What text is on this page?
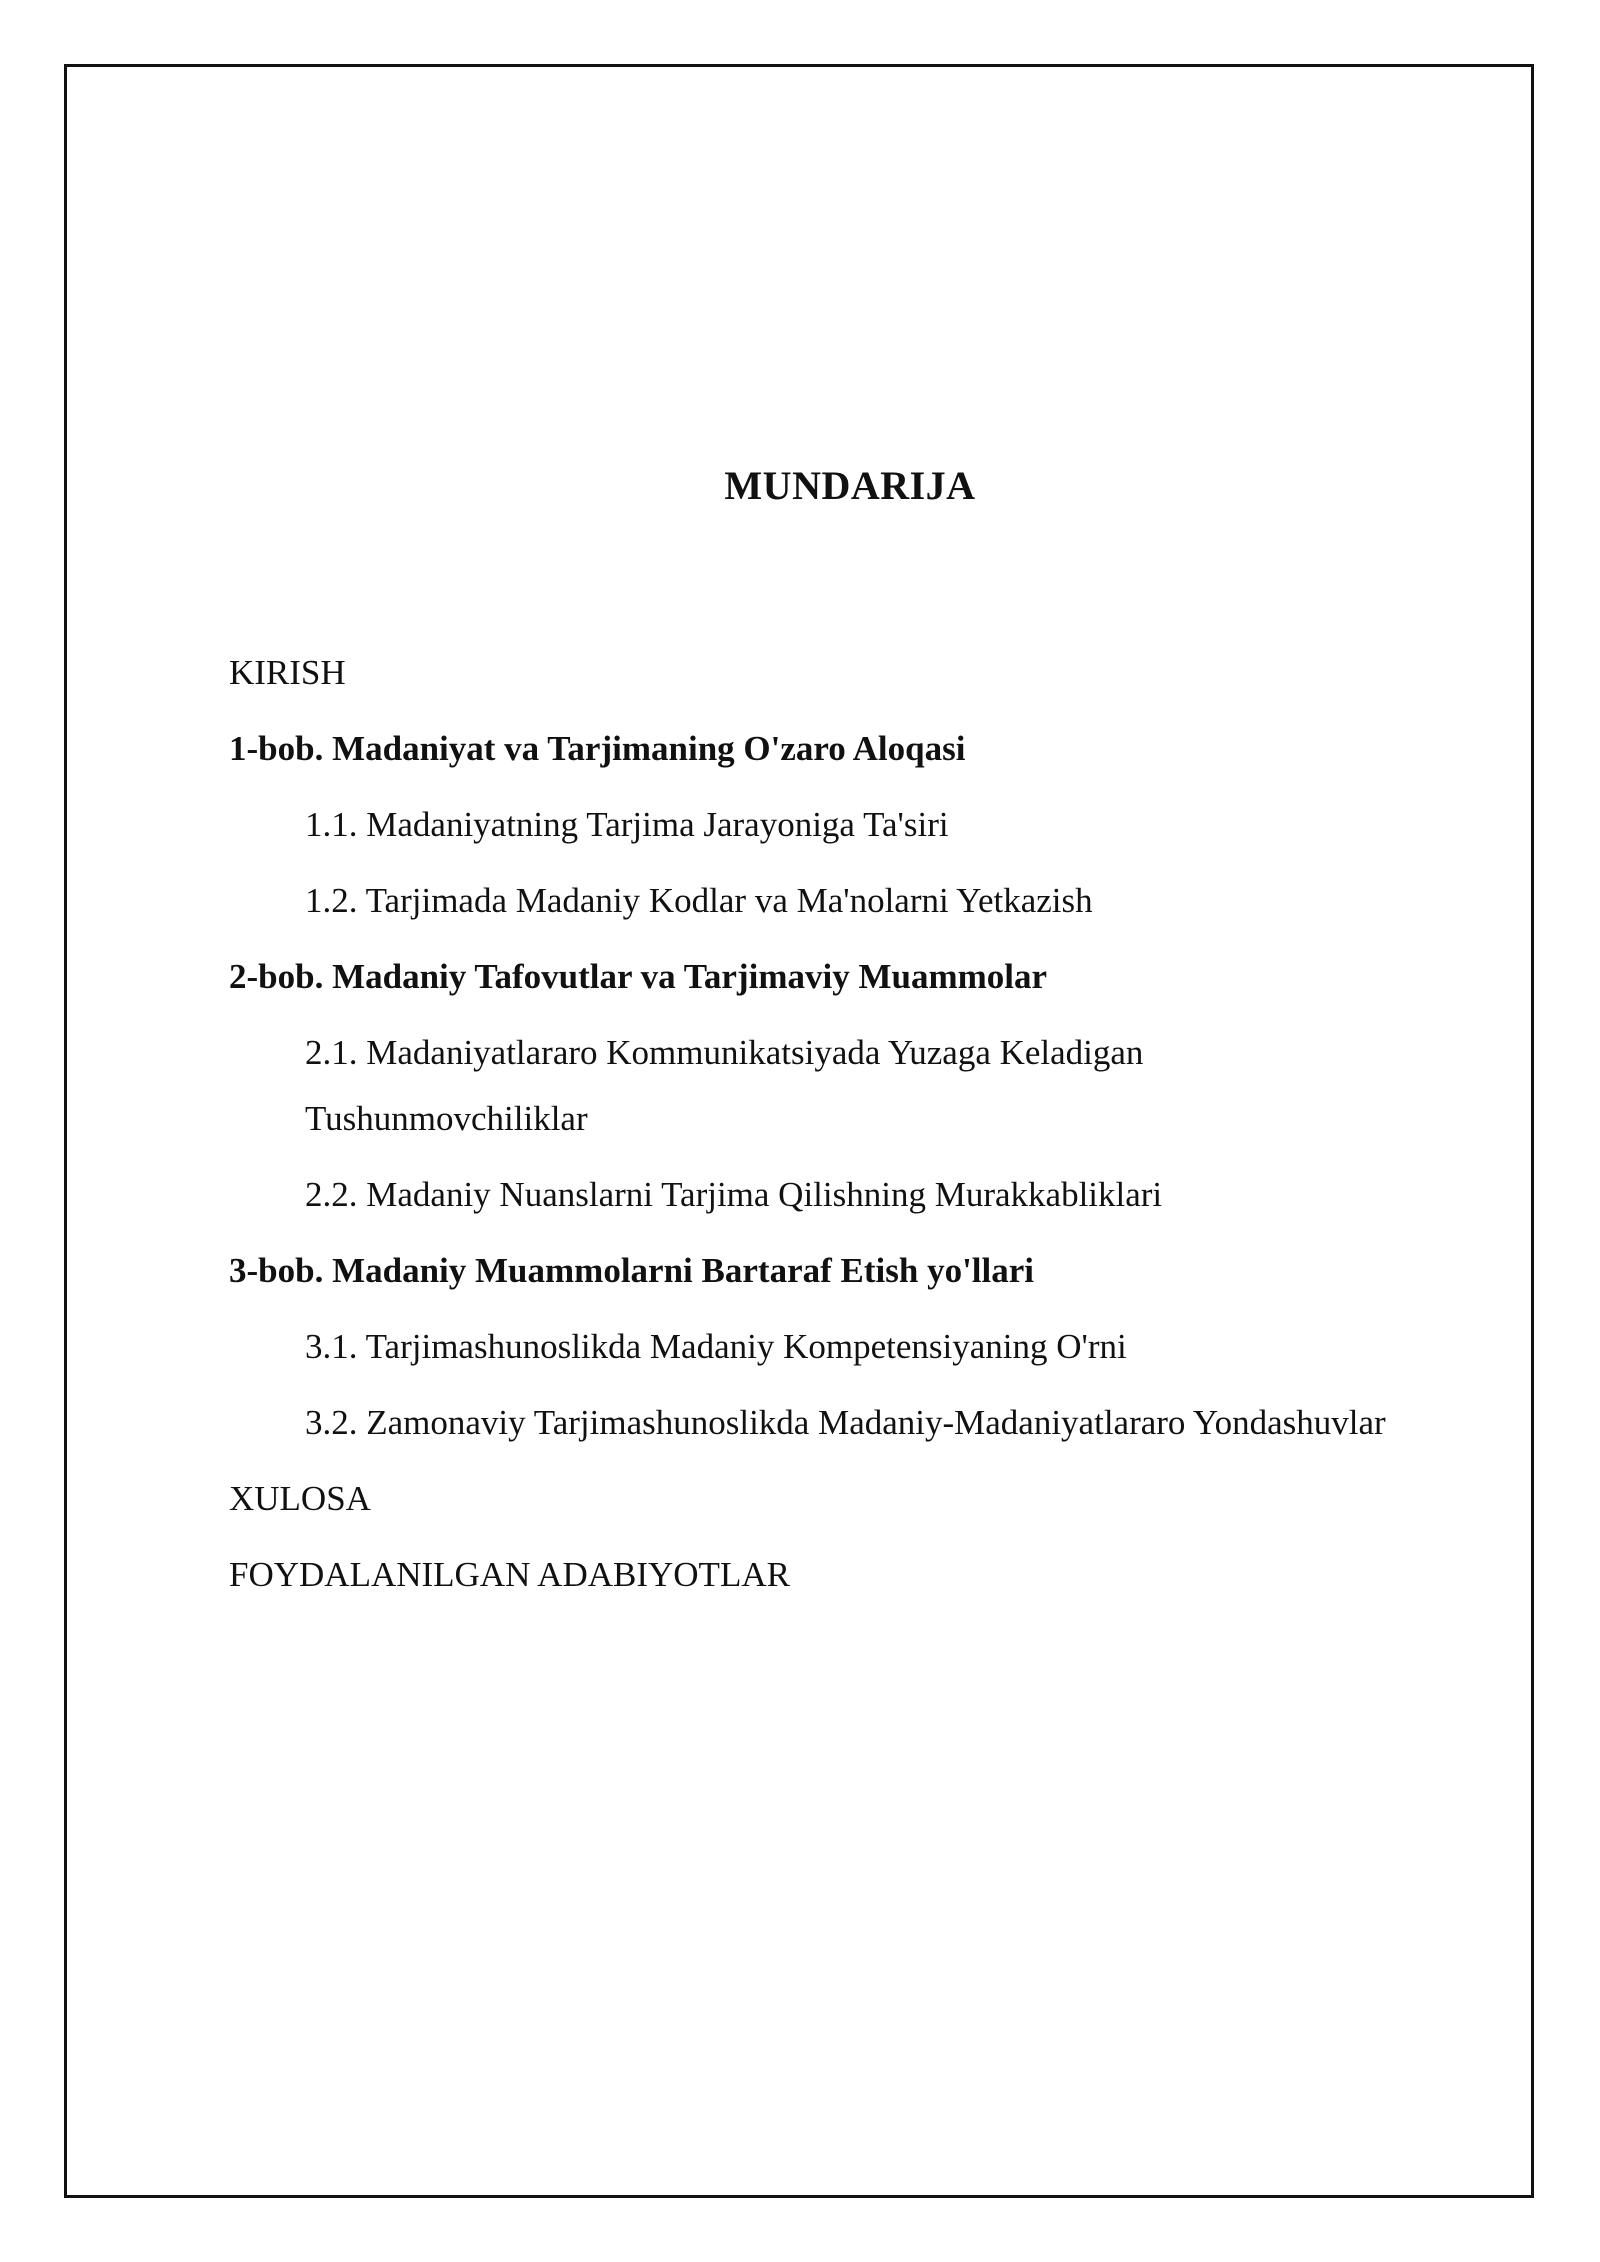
MUNDARIJA
KIRISH
1-bob. Madaniyat va Tarjimaning O'zaro Aloqasi
1.1. Madaniyatning Tarjima Jarayoniga Ta'siri
1.2. Tarjimada Madaniy Kodlar va Ma'nolarni Yetkazish
2-bob. Madaniy Tafovutlar va Tarjimaviy Muammolar
2.1. Madaniyatlararo Kommunikatsiyada Yuzaga Keladigan Tushunmovchiliklar
2.2. Madaniy Nuanslarni Tarjima Qilishning Murakkabliklari
3-bob. Madaniy Muammolarni Bartaraf Etish yo'llari
3.1. Tarjimashunoslikda Madaniy Kompetensiyaning O'rni
3.2. Zamonaviy Tarjimashunoslikda Madaniy-Madaniyatlararo Yondashuvlar
XULOSA
FOYDALANILGAN ADABIYOTLAR
